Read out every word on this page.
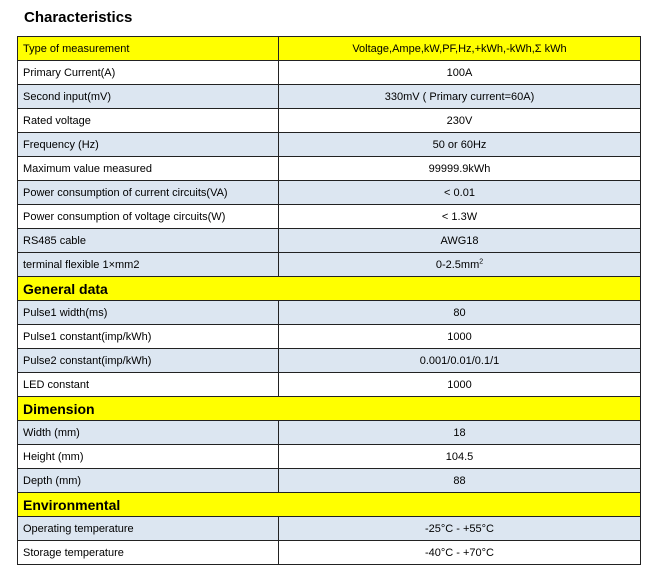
Characteristics
Type of measurement	Voltage,Ampe,kW,PF,Hz,+kWh,-kWh,Σ kWh
Primary Current(A)	100A
Second input(mV)	330mV ( Primary current=60A)
Rated voltage	230V
Frequency (Hz)	50 or 60Hz
Maximum value measured	99999.9kWh
Power consumption of current circuits(VA)	< 0.01
Power consumption of voltage circuits(W)	< 1.3W
RS485 cable	AWG18
terminal flexible 1×mm2	$0-2.5mm^2$
General data	
Pulse1 width(ms)	80
Pulse1 constant(imp/kWh)	1000
Pulse2 constant(imp/kWh)	0.001/0.01/0.1/1
LED constant	1000
Dimension	
Width (mm)	18
Height (mm)	104.5
Depth (mm)	88
Environmental	
Operating temperature	-25°C - +55°C
Storage temperature	-40°C - +70°C
